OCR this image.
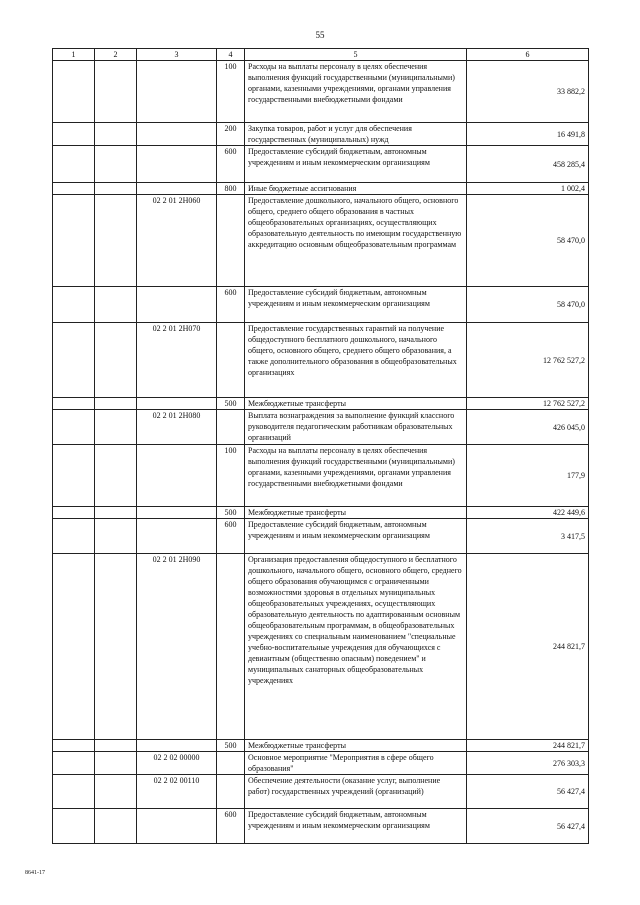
55
1	2	3	4	5	6
			100	Расходы на выплаты персоналу в целях обеспечения выполнения функций государственными (муниципальными) органами, казенными учреждениями, органами управления государственными внебюджетными фондами	33 882,2
			200	Закупка товаров, работ и услуг для обеспечения государственных (муниципальных) нужд	16 491,8
			600	Предоставление субсидий бюджетным, автономным учреждениям и иным некоммерческим организациям	458 285,4
			800	Иные бюджетные ассигнования	1 002,4
		02 2 01 2Н060		Предоставление дошкольного, начального общего, основного общего, среднего общего образования в частных общеобразовательных организациях, осуществляющих образовательную деятельность по имеющим государственную аккредитацию основным общеобразовательным программам	58 470,0
			600	Предоставление субсидий бюджетным, автономным учреждениям и иным некоммерческим организациям	58 470,0
		02 2 01 2Н070		Предоставление государственных гарантий на получение общедоступного бесплатного дошкольного, начального общего, основного общего, среднего общего образования, а также дополнительного образования в общеобразовательных организациях	12 762 527,2
			500	Межбюджетные трансферты	12 762 527,2
		02 2 01 2Н080		Выплата вознаграждения за выполнение функций классного руководителя педагогическим работникам образовательных организаций	426 045,0
			100	Расходы на выплаты персоналу в целях обеспечения выполнения функций государственными (муниципальными) органами, казенными учреждениями, органами управления государственными внебюджетными фондами	177,9
			500	Межбюджетные трансферты	422 449,6
			600	Предоставление субсидий бюджетным, автономным учреждениям и иным некоммерческим организациям	3 417,5
		02 2 01 2Н090		Организация предоставления общедоступного и бесплатного дошкольного, начального общего, основного общего, среднего общего образования обучающимся с ограниченными возможностями здоровья в отдельных муниципальных общеобразовательных учреждениях, осуществляющих образовательную деятельность по адаптированным основным общеобразовательным программам, в общеобразовательных учреждениях со специальным наименованием "специальные учебно-воспитательные учреждения для обучающихся с девиантным (общественно опасным) поведением" и муниципальных санаторных общеобразовательных учреждениях	244 821,7
			500	Межбюджетные трансферты	244 821,7
		02 2 02 00000		Основное мероприятие "Мероприятия в сфере общего образования"	276 303,3
		02 2 02 00110		Обеспечение деятельности (оказание услуг, выполнение работ) государственных учреждений (организаций)	56 427,4
			600	Предоставление субсидий бюджетным, автономным учреждениям и иным некоммерческим организациям	56 427,4
8641-17
